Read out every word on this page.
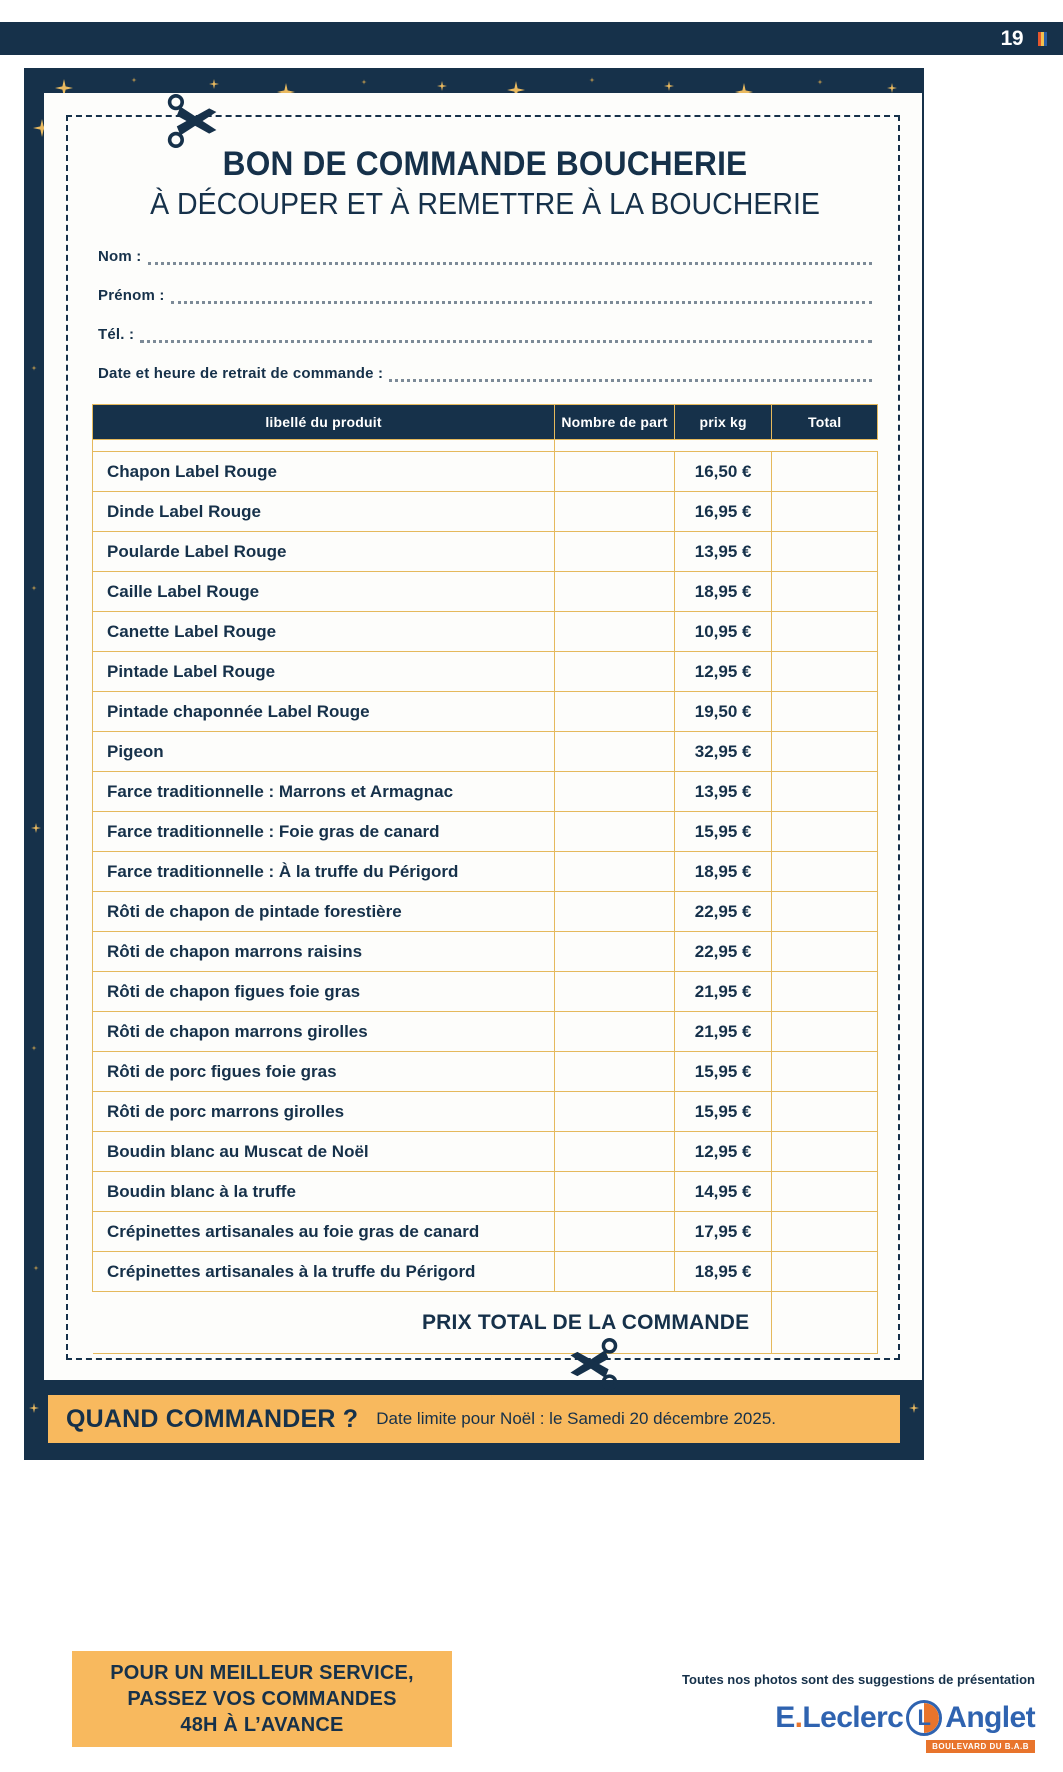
19
BON DE COMMANDE BOUCHERIE
À DÉCOUPER ET À REMETTRE À LA BOUCHERIE
Nom :
Prénom :
Tél. :
Date et heure de retrait de commande :
libellé du produit	Nombre de part	prix kg	Total

Chapon Label Rouge		16,50 €	
Dinde Label Rouge		16,95 €	
Poularde Label Rouge		13,95 €	
Caille Label Rouge		18,95 €	
Canette Label Rouge		10,95 €	
Pintade Label Rouge		12,95 €	
Pintade chaponnée Label Rouge		19,50 €	
Pigeon		32,95 €	
Farce traditionnelle : Marrons et Armagnac		13,95 €	
Farce traditionnelle : Foie gras de canard		15,95 €	
Farce traditionnelle : À la truffe du Périgord		18,95 €	
Rôti de chapon de pintade forestière		22,95 €	
Rôti de chapon marrons raisins		22,95 €	
Rôti de chapon figues foie gras		21,95 €	
Rôti de chapon marrons girolles		21,95 €	
Rôti de porc figues foie gras		15,95 €	
Rôti de porc marrons girolles		15,95 €	
Boudin blanc au Muscat de Noël		12,95 €	
Boudin blanc à la truffe		14,95 €	
Crépinettes artisanales au foie gras de canard		17,95 €	
Crépinettes artisanales à la truffe du Périgord		18,95 €	
PRIX TOTAL DE LA COMMANDE			
QUAND COMMANDER ? Date limite pour Noël : le Samedi 20 décembre 2025.
POUR UN MEILLEUR SERVICE,
PASSEZ VOS COMMANDES
48H À L’AVANCE
Toutes nos photos sont des suggestions de présentation
E.Leclerc L Anglet
BOULEVARD DU B.A.B
